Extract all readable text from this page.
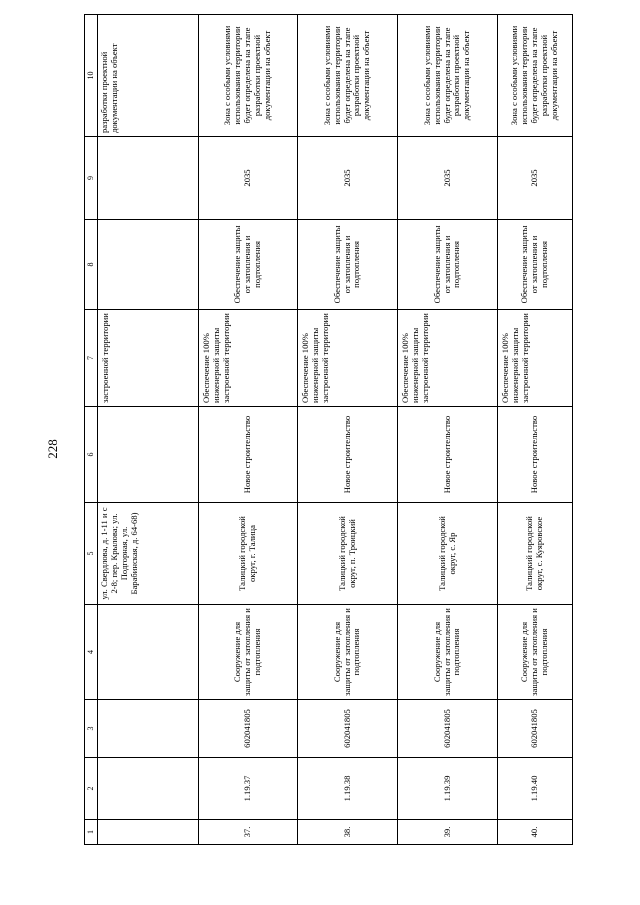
228
1	2	3	4	5	6	7	8	9	10
				ул. Свердлова, д. 1-11 и с 2-8; пер. Крылова; ул. Подгорная, ул. Барабинская, д. 64-68)		застроенной территории			разработки проектной документации на объект
37.	1.19.37	602041805	Сооружение для защиты от затопления и подтопления	Талицкий городской округ, г. Талица	Новое строительство	Обеспечение 100% инженерной защиты застроенной территории	Обеспечение защиты от затопления и подтопления	2035	Зона с особыми условиями использования территории будет определена на этапе разработки проектной документации на объект
38.	1.19.38	602041805	Сооружение для защиты от затопления и подтопления	Талицкий городской округ, п. Троицкий	Новое строительство	Обеспечение 100% инженерной защиты застроенной территории	Обеспечение защиты от затопления и подтопления	2035	Зона с особыми условиями использования территории будет определена на этапе разработки проектной документации на объект
39.	1.19.39	602041805	Сооружение для защиты от затопления и подтопления	Талицкий городской округ, с. Яр	Новое строительство	Обеспечение 100% инженерной защиты застроенной территории	Обеспечение защиты от затопления и подтопления	2035	Зона с особыми условиями использования территории будет определена на этапе разработки проектной документации на объект
40.	1.19.40	602041805	Сооружение для защиты от затопления и подтопления	Талицкий городской округ, с. Куяровское	Новое строительство	Обеспечение 100% инженерной защиты застроенной территории	Обеспечение защиты от затопления и подтопления	2035	Зона с особыми условиями использования территории будет определена на этапе разработки проектной документации на объект
